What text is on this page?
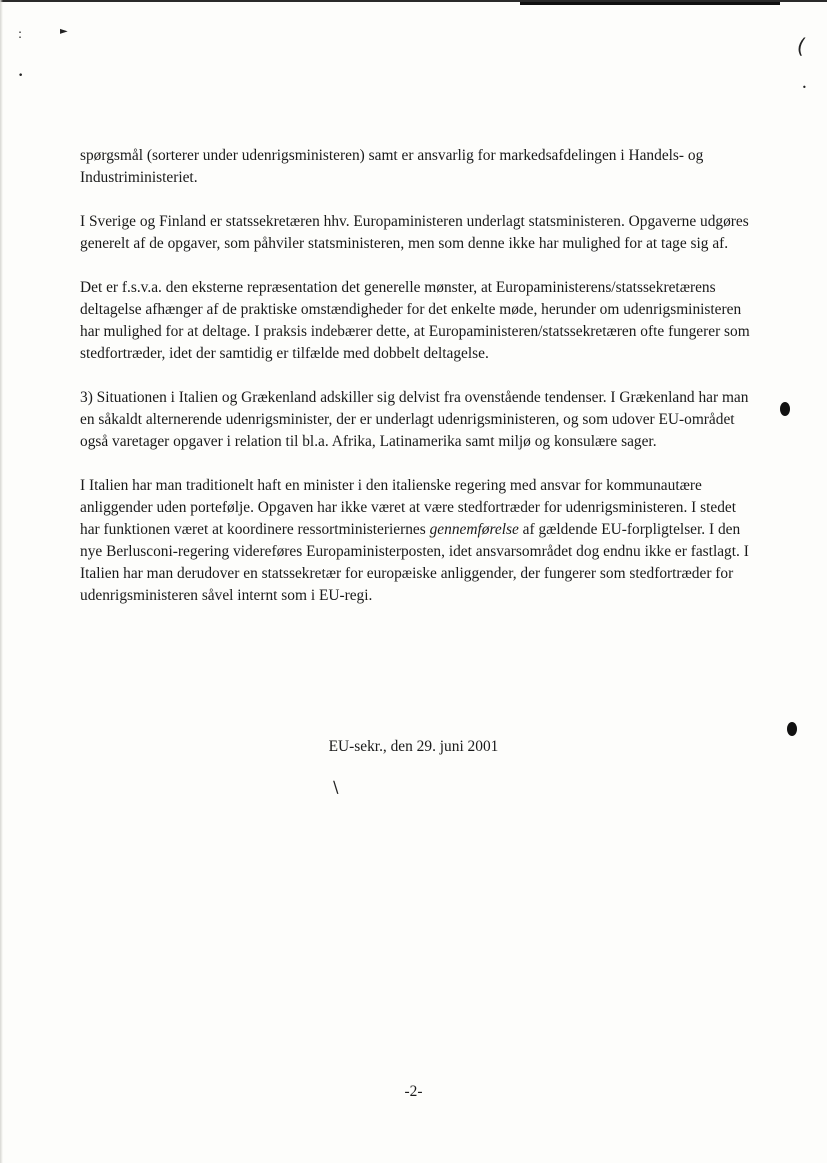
:	►
•
(
•
∖

spørgsmål (sorterer under udenrigsministeren) samt er ansvarlig for markedsafdelingen i Handels- og Industriministeriet.

I Sverige og Finland er statssekretæren hhv. Europaministeren underlagt statsministeren. Opgaverne udgøres generelt af de opgaver, som påhviler statsministeren, men som denne ikke har mulighed for at tage sig af.

Det er f.s.v.a. den eksterne repræsentation det generelle mønster, at Europaministerens/statssekretærens deltagelse afhænger af de praktiske omstændigheder for det enkelte møde, herunder om udenrigsministeren har mulighed for at deltage. I praksis indebærer dette, at Europaministeren/statssekretæren ofte fungerer som stedfortræder, idet der samtidig er tilfælde med dobbelt deltagelse.

3) Situationen i Italien og Grækenland adskiller sig delvist fra ovenstående tendenser. I Grækenland har man en såkaldt alternerende udenrigsminister, der er underlagt udenrigsministeren, og som udover EU-området også varetager opgaver i relation til bl.a. Afrika, Latinamerika samt miljø og konsulære sager.

I Italien har man traditionelt haft en minister i den italienske regering med ansvar for kommunautære anliggender uden portefølje. Opgaven har ikke været at være stedfortræder for udenrigsministeren. I stedet har funktionen været at koordinere ressortministeriernes gennemførelse af gældende EU-forpligtelser. I den nye Berlusconi-regering videreføres Europaministerposten, idet ansvarsområdet dog endnu ikke er fastlagt. I Italien har man derudover en statssekretær for europæiske anliggender, der fungerer som stedfortræder for udenrigsministeren såvel internt som i EU-regi.

EU-sekr., den 29. juni 2001
-2-
